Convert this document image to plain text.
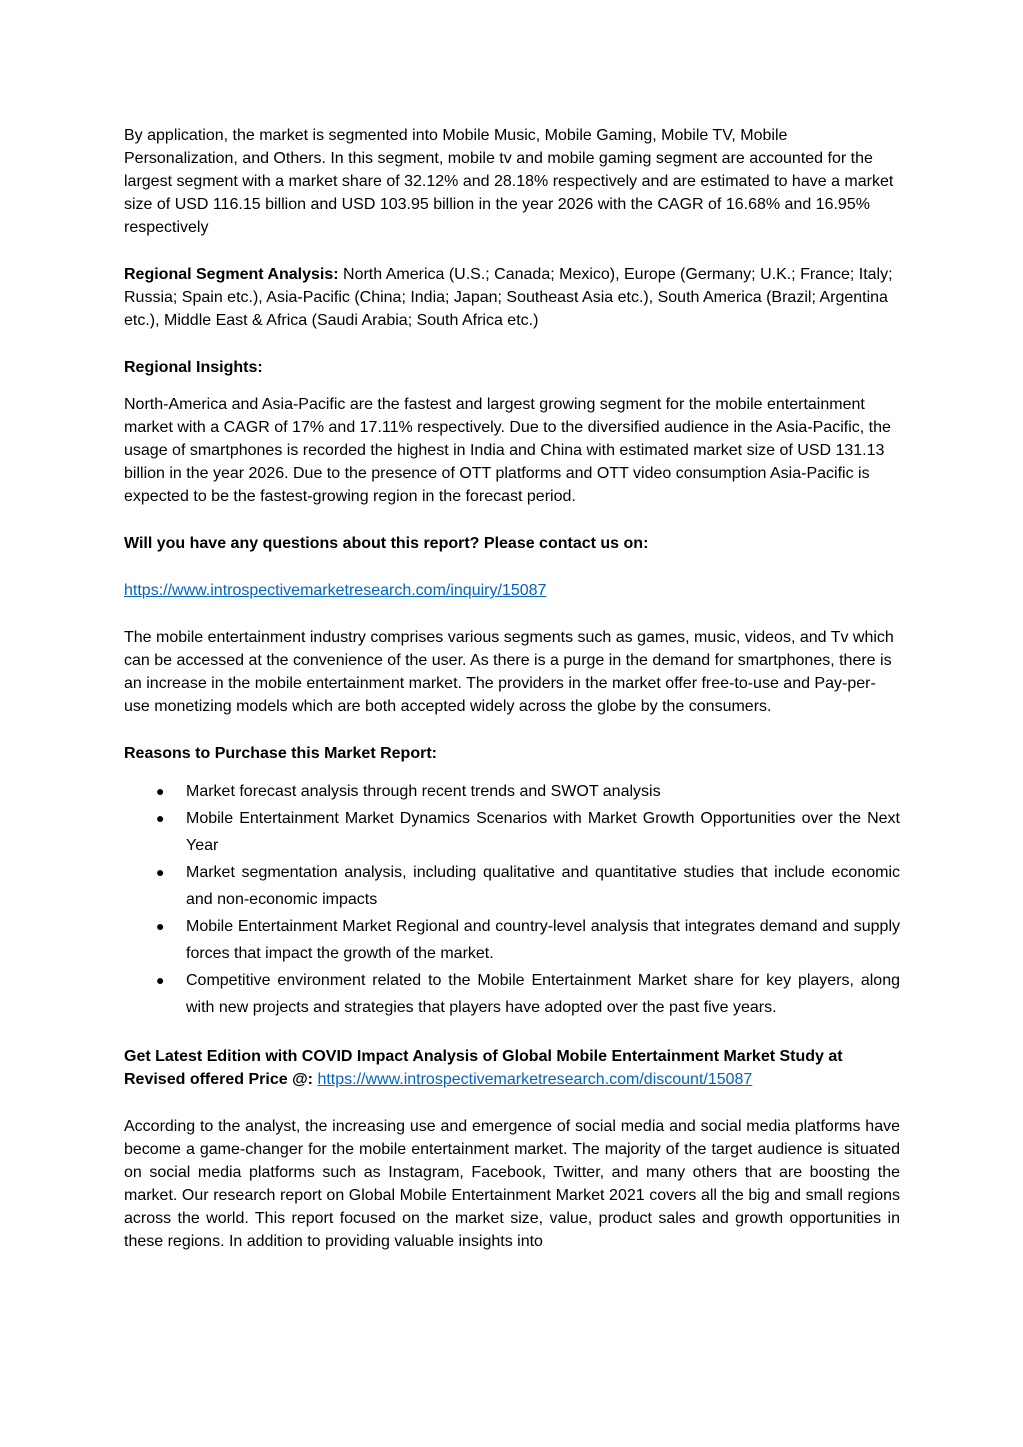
By application, the market is segmented into Mobile Music, Mobile Gaming, Mobile TV, Mobile Personalization, and Others. In this segment, mobile tv and mobile gaming segment are accounted for the largest segment with a market share of 32.12% and 28.18% respectively and are estimated to have a market size of USD 116.15 billion and USD 103.95 billion in the year 2026 with the CAGR of 16.68% and 16.95% respectively

Regional Segment Analysis: North America (U.S.; Canada; Mexico), Europe (Germany; U.K.; France; Italy; Russia; Spain etc.), Asia-Pacific (China; India; Japan; Southeast Asia etc.), South America (Brazil; Argentina etc.), Middle East & Africa (Saudi Arabia; South Africa etc.)

Regional Insights:

North-America and Asia-Pacific are the fastest and largest growing segment for the mobile entertainment market with a CAGR of 17% and 17.11% respectively. Due to the diversified audience in the Asia-Pacific, the usage of smartphones is recorded the highest in India and China with estimated market size of USD 131.13 billion in the year 2026. Due to the presence of OTT platforms and OTT video consumption Asia-Pacific is expected to be the fastest-growing region in the forecast period.

Will you have any questions about this report? Please contact us on:

https://www.introspectivemarketresearch.com/inquiry/15087

The mobile entertainment industry comprises various segments such as games, music, videos, and Tv which can be accessed at the convenience of the user. As there is a purge in the demand for smartphones, there is an increase in the mobile entertainment market. The providers in the market offer free-to-use and Pay-per-use monetizing models which are both accepted widely across the globe by the consumers.

Reasons to Purchase this Market Report:

● Market forecast analysis through recent trends and SWOT analysis
● Mobile Entertainment Market Dynamics Scenarios with Market Growth Opportunities over the Next Year
● Market segmentation analysis, including qualitative and quantitative studies that include economic and non-economic impacts
● Mobile Entertainment Market Regional and country-level analysis that integrates demand and supply forces that impact the growth of the market.
● Competitive environment related to the Mobile Entertainment Market share for key players, along with new projects and strategies that players have adopted over the past five years.

Get Latest Edition with COVID Impact Analysis of Global Mobile Entertainment Market Study at Revised offered Price @: https://www.introspectivemarketresearch.com/discount/15087

According to the analyst, the increasing use and emergence of social media and social media platforms have become a game-changer for the mobile entertainment market. The majority of the target audience is situated on social media platforms such as Instagram, Facebook, Twitter, and many others that are boosting the market. Our research report on Global Mobile Entertainment Market 2021 covers all the big and small regions across the world. This report focused on the market size, value, product sales and growth opportunities in these regions. In addition to providing valuable insights into
